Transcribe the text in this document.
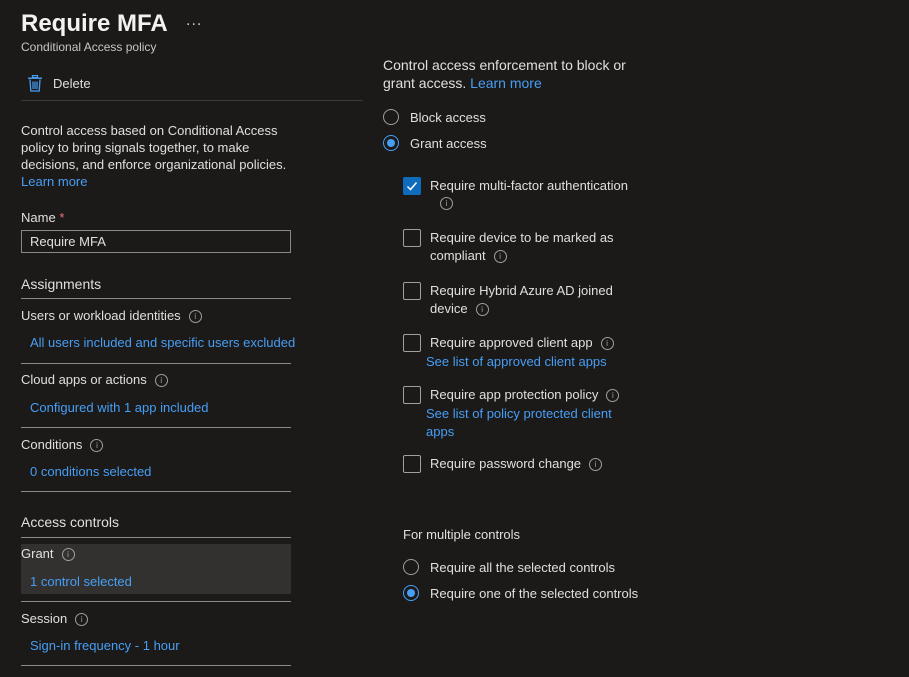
Require MFA ...
Conditional Access policy
Delete
Control access based on Conditional Access policy to bring signals together, to make decisions, and enforce organizational policies.
Learn more
Name *
Require MFA
Assignments
Users or workload identities i
All users included and specific users excluded
Cloud apps or actions i
Configured with 1 app included
Conditions i
0 conditions selected
Access controls
Grant i
1 control selected
Session i
Sign-in frequency - 1 hour
Control access enforcement to block or grant access. Learn more
Block access
Grant access
Require multi-factor authentication
i
Require device to be marked as
compliant i
Require Hybrid Azure AD joined
device i
Require approved client app i
See list of approved client apps
Require app protection policy i
See list of policy protected client
apps
Require password change i
For multiple controls
Require all the selected controls
Require one of the selected controls
